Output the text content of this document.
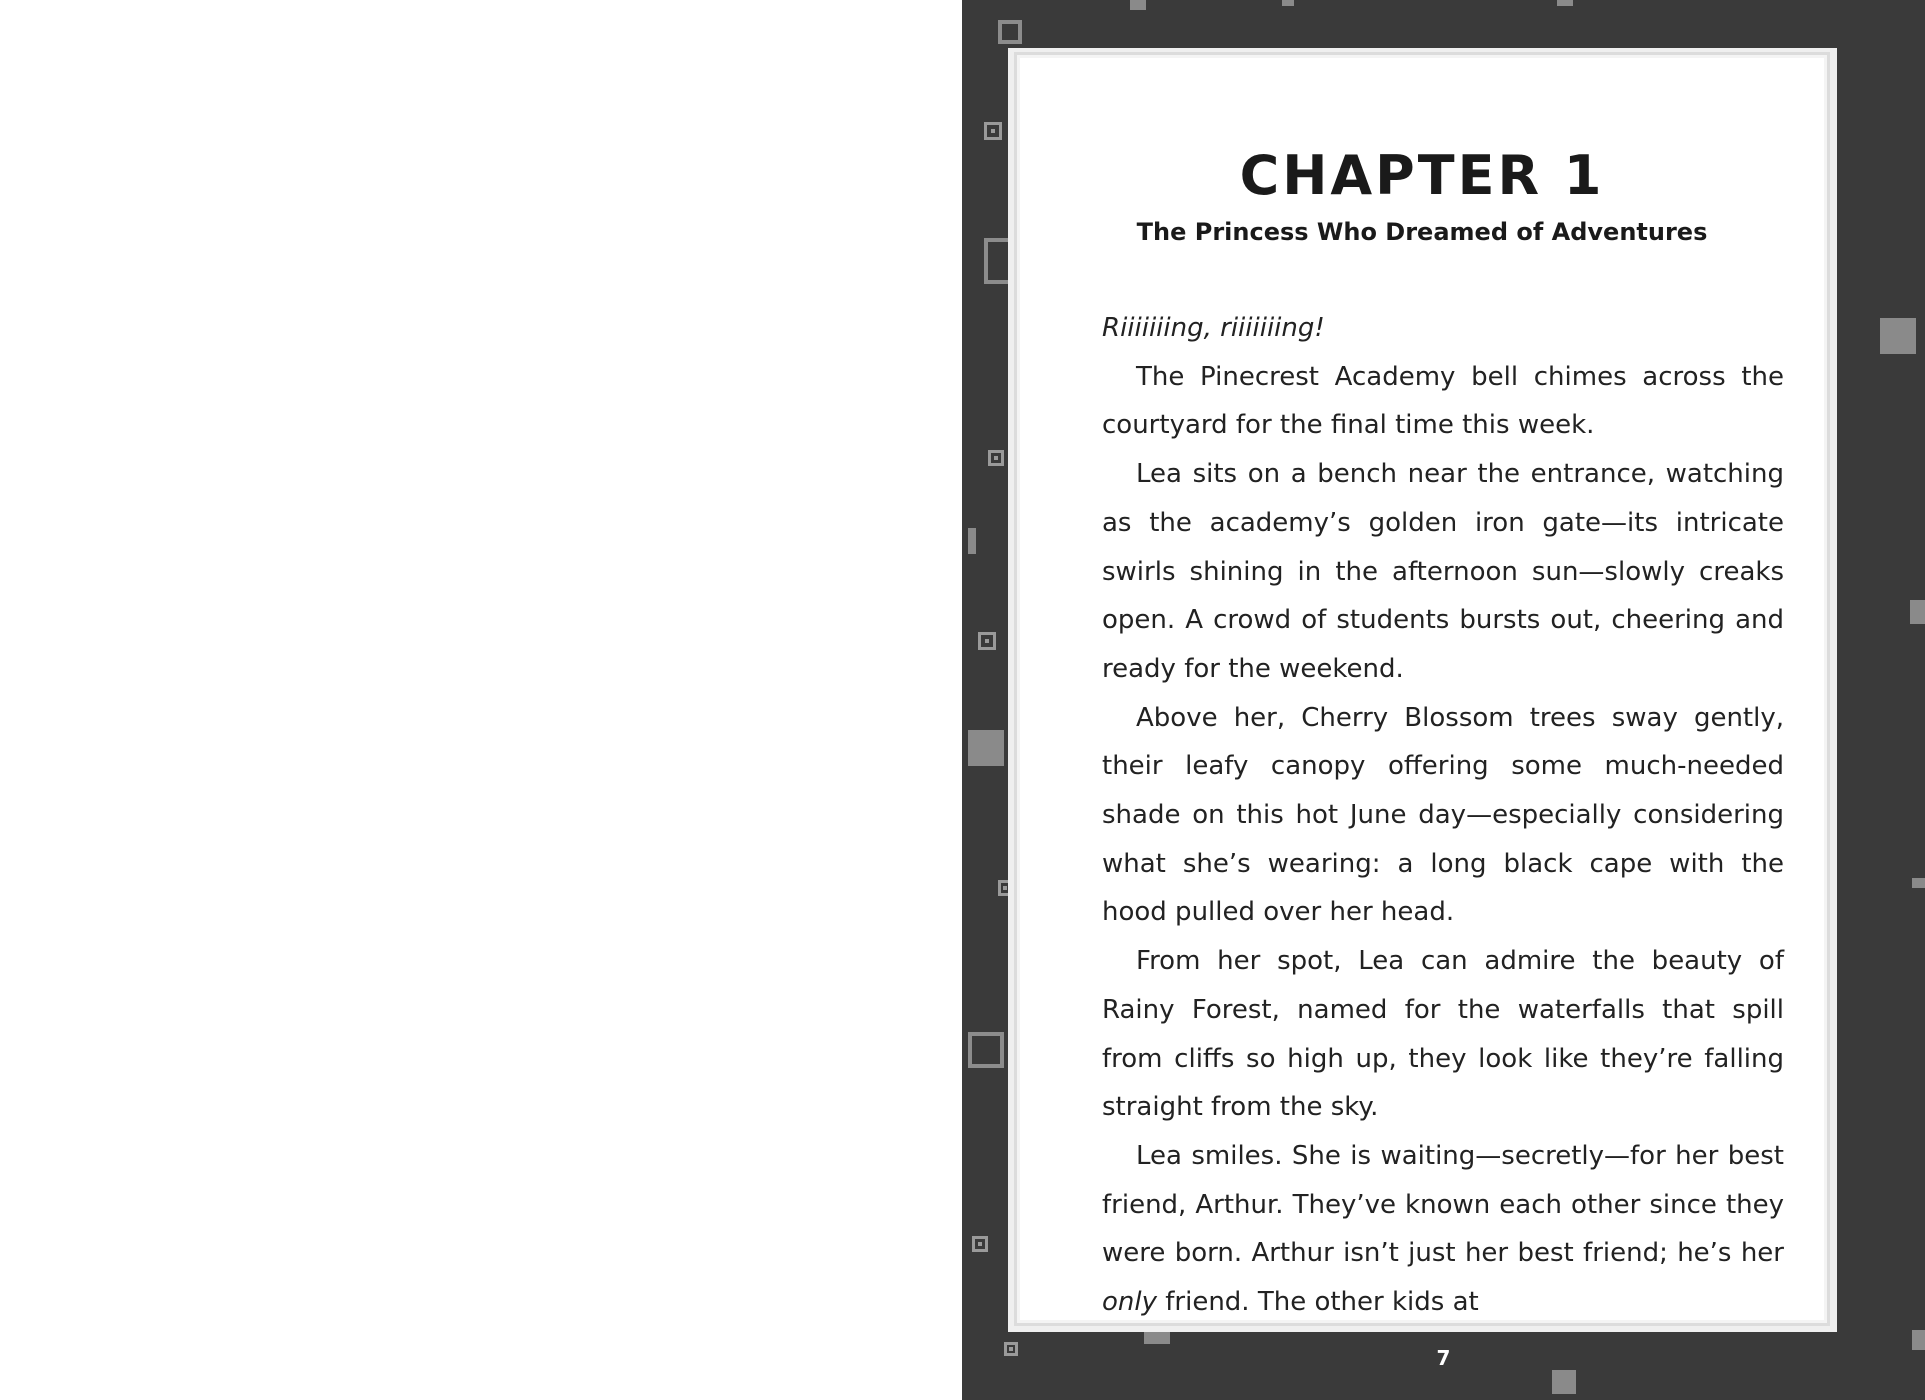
CHAPTER 1
The Princess Who Dreamed of Adventures

Riiiiiiing, riiiiiiing!

The Pinecrest Academy bell chimes across the courtyard for the final time this week.

Lea sits on a bench near the entrance, watching as the academy’s golden iron gate—its intricate swirls shining in the afternoon sun—slowly creaks open. A crowd of students bursts out, cheering and ready for the weekend.

Above her, Cherry Blossom trees sway gently, their leafy canopy offering some much-needed shade on this hot June day—especially considering what she’s wearing: a long black cape with the hood pulled over her head.

From her spot, Lea can admire the beauty of Rainy Forest, named for the waterfalls that spill from cliffs so high up, they look like they’re falling straight from the sky.

Lea smiles. She is waiting—secretly—for her best friend, Arthur. They’ve known each other since they were born. Arthur isn’t just her best friend; he’s her only friend. The other kids at

7
